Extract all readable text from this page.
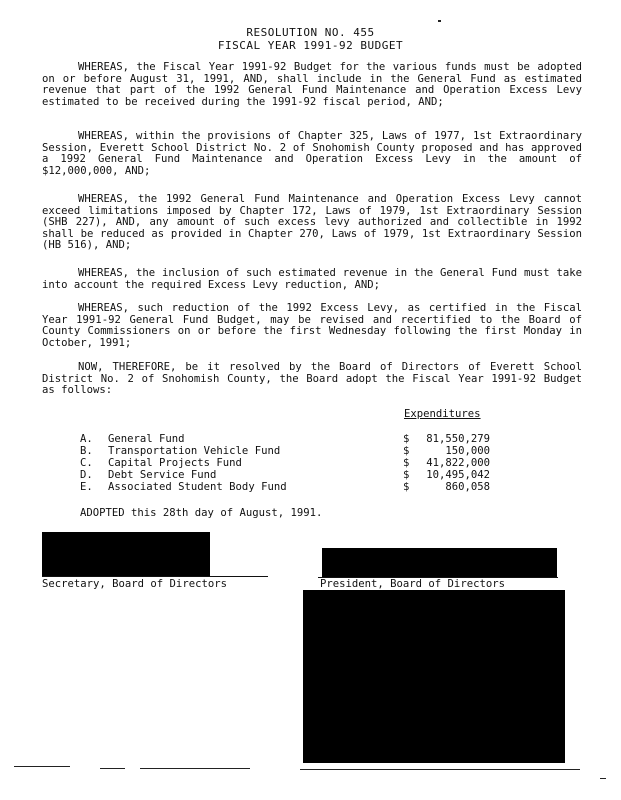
RESOLUTION NO. 455
FISCAL YEAR 1991-92 BUDGET

WHEREAS, the Fiscal Year 1991-92 Budget for the various funds must be adopted on or before August 31, 1991, AND, shall include in the General Fund as estimated revenue that part of the 1992 General Fund Maintenance and Operation Excess Levy estimated to be received during the 1991-92 fiscal period, AND;

WHEREAS, within the provisions of Chapter 325, Laws of 1977, 1st Extraordinary Session, Everett School District No. 2 of Snohomish County proposed and has approved a 1992 General Fund Maintenance and Operation Excess Levy in the amount of $12,000,000, AND;

WHEREAS, the 1992 General Fund Maintenance and Operation Excess Levy cannot exceed limitations imposed by Chapter 172, Laws of 1979, 1st Extraordinary Session (SHB 227), AND, any amount of such excess levy authorized and collectible in 1992 shall be reduced as provided in Chapter 270, Laws of 1979, 1st Extraordinary Session (HB 516), AND;

WHEREAS, the inclusion of such estimated revenue in the General Fund must take into account the required Excess Levy reduction, AND;

WHEREAS, such reduction of the 1992 Excess Levy, as certified in the Fiscal Year 1991-92 General Fund Budget, may be revised and recertified to the Board of County Commissioners on or before the first Wednesday following the first Monday in October, 1991;

NOW, THEREFORE, be it resolved by the Board of Directors of Everett School District No. 2 of Snohomish County, the Board adopt the Fiscal Year 1991-92 Budget as follows:

Expenditures
A. General Fund	$	81,550,279
B. Transportation Vehicle Fund	$	150,000
C. Capital Projects Fund	$	41,822,000
D. Debt Service Fund	$	10,495,042
E. Associated Student Body Fund	$	860,058
ADOPTED this 28th day of August, 1991.
Secretary, Board of Directors	President, Board of Directors
